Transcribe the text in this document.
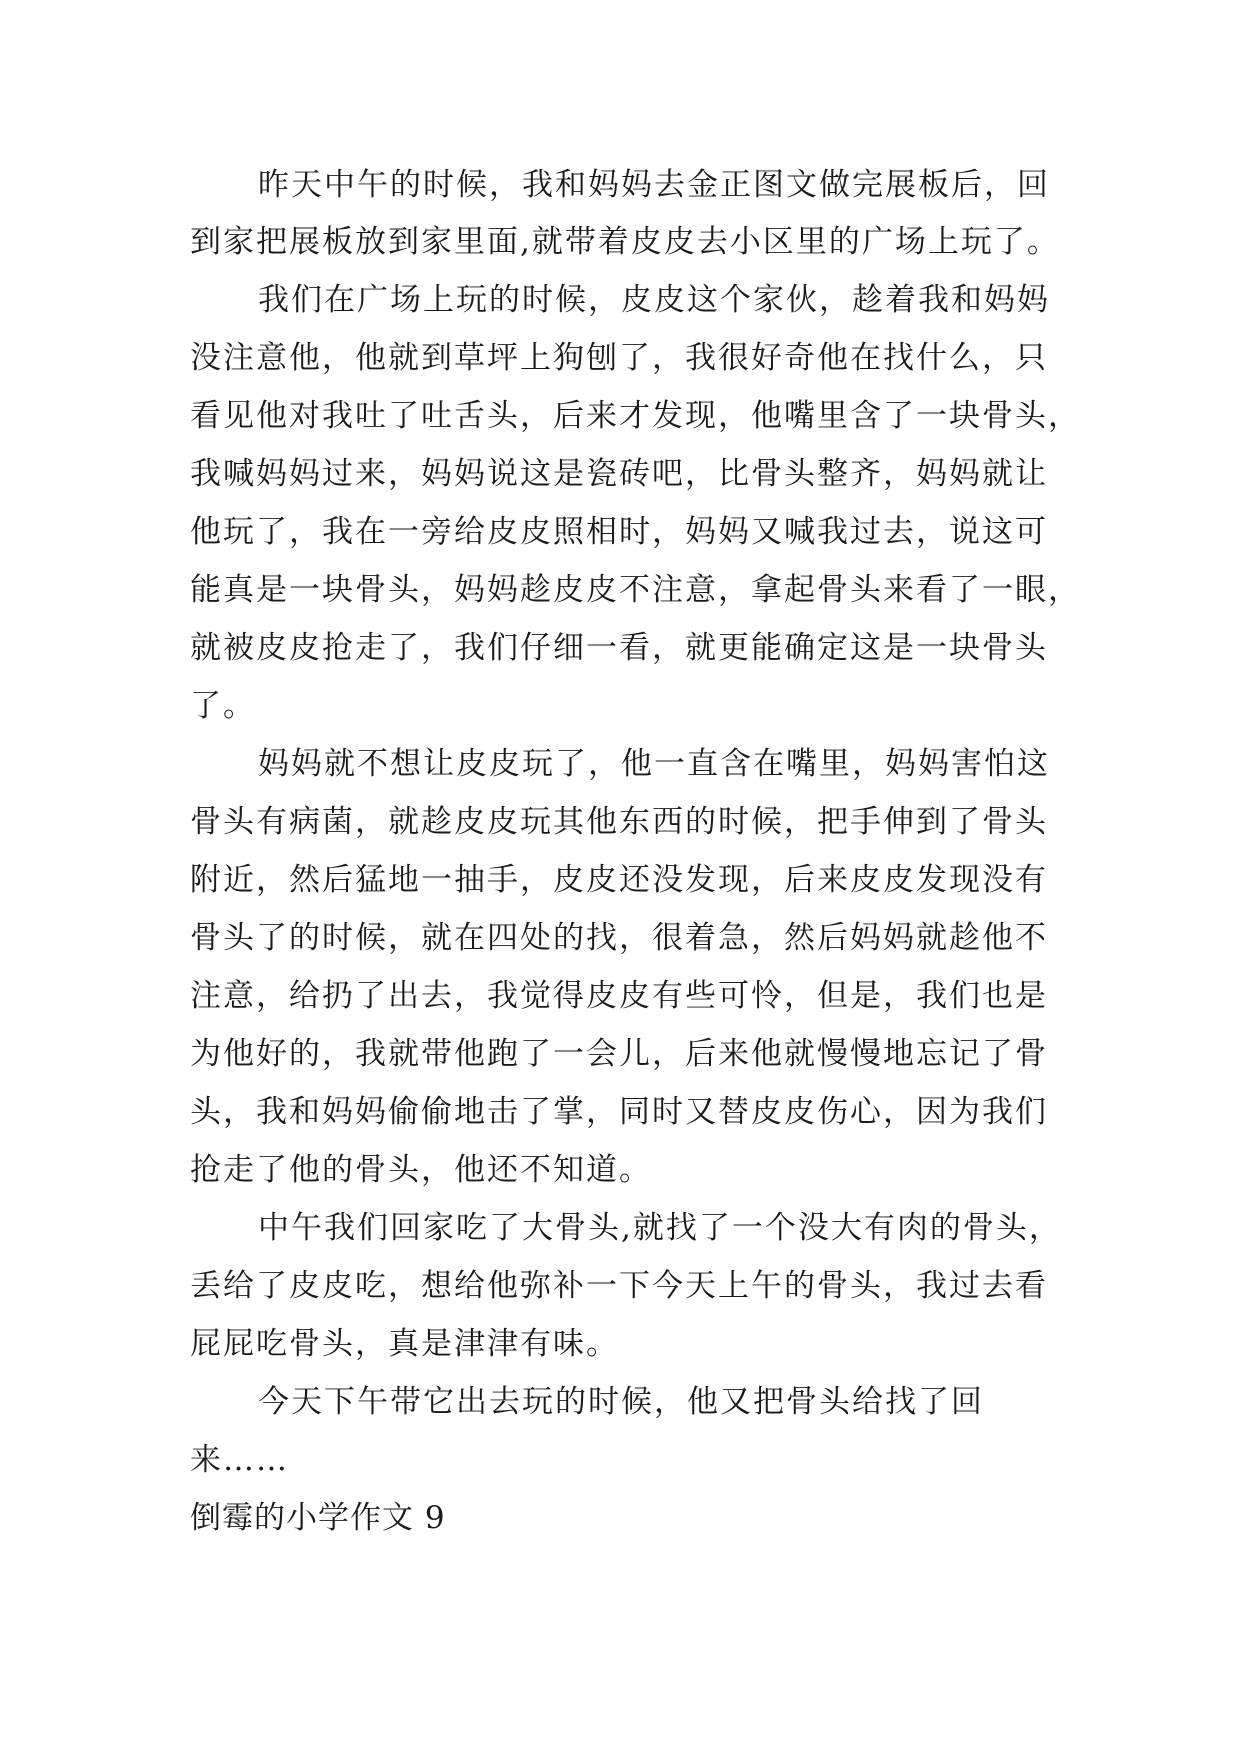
昨天中午的时候，我和妈妈去金正图文做完展板后，回
到家把展板放到家里面,就带着皮皮去小区里的广场上玩了。
我们在广场上玩的时候，皮皮这个家伙，趁着我和妈妈
没注意他，他就到草坪上狗刨了，我很好奇他在找什么，只
看见他对我吐了吐舌头，后来才发现，他嘴里含了一块骨头，
我喊妈妈过来，妈妈说这是瓷砖吧，比骨头整齐，妈妈就让
他玩了，我在一旁给皮皮照相时，妈妈又喊我过去，说这可
能真是一块骨头，妈妈趁皮皮不注意，拿起骨头来看了一眼，
就被皮皮抢走了，我们仔细一看，就更能确定这是一块骨头
了。
妈妈就不想让皮皮玩了，他一直含在嘴里，妈妈害怕这
骨头有病菌，就趁皮皮玩其他东西的时候，把手伸到了骨头
附近，然后猛地一抽手，皮皮还没发现，后来皮皮发现没有
骨头了的时候，就在四处的找，很着急，然后妈妈就趁他不
注意，给扔了出去，我觉得皮皮有些可怜，但是，我们也是
为他好的，我就带他跑了一会儿，后来他就慢慢地忘记了骨
头，我和妈妈偷偷地击了掌，同时又替皮皮伤心，因为我们
抢走了他的骨头，他还不知道。
中午我们回家吃了大骨头,就找了一个没大有肉的骨头，
丢给了皮皮吃，想给他弥补一下今天上午的骨头，我过去看
屁屁吃骨头，真是津津有味。
今天下午带它出去玩的时候，他又把骨头给找了回
来……
倒霉的小学作文 9
